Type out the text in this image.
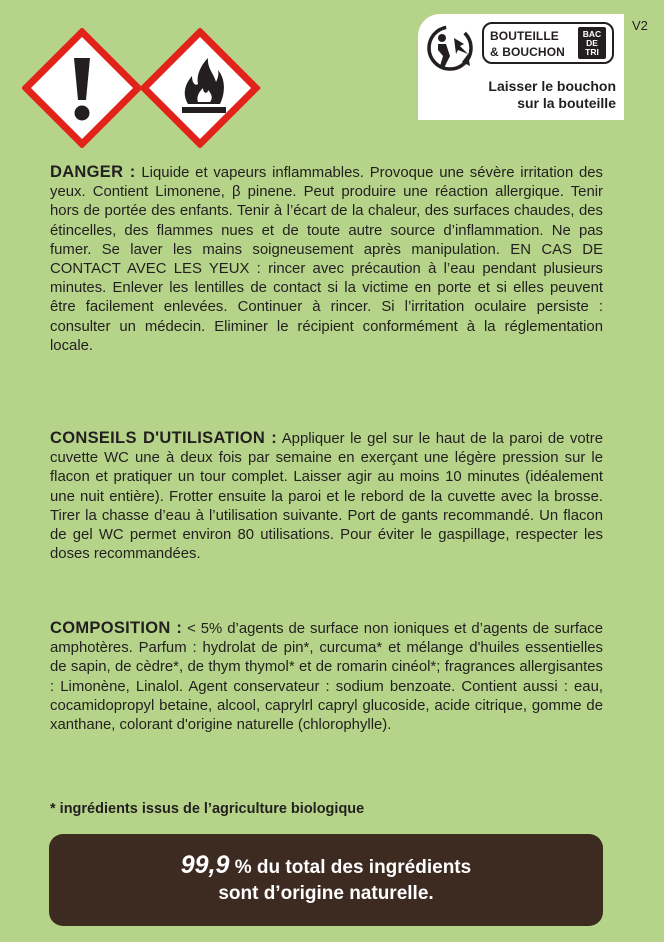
BOUTEILLE
& BOUCHON
BAC
DE
TRI
Laisser le bouchon
sur la bouteille
V2
DANGER : Liquide et vapeurs inflammables. Provoque une sévère irritation des yeux. Contient Limonene, β pinene. Peut produire une réaction allergique. Tenir hors de portée des enfants. Tenir à l’écart de la chaleur, des surfaces chaudes, des étincelles, des flammes nues et de toute autre source d’inflammation. Ne pas fumer. Se laver les mains soigneusement après manipulation. EN CAS DE CONTACT AVEC LES YEUX : rincer avec précaution à l’eau pendant plusieurs minutes. Enlever les lentilles de contact si la victime en porte et si elles peuvent être facilement enlevées. Continuer à rincer. Si l’irritation oculaire persiste : consulter un médecin. Eliminer le récipient conformément à la réglementation locale.
CONSEILS D'UTILISATION : Appliquer le gel sur le haut de la paroi de votre cuvette WC une à deux fois par semaine en exerçant une légère pression sur le flacon et pratiquer un tour complet. Laisser agir au moins 10 minutes (idéalement une nuit entière). Frotter ensuite la paroi et le rebord de la cuvette avec la brosse. Tirer la chasse d’eau à l’utilisation suivante. Port de gants recommandé. Un flacon de gel WC permet environ 80 utilisations. Pour éviter le gaspillage, respecter les doses recommandées.
COMPOSITION : < 5% d’agents de surface non ioniques et d’agents de surface amphotères. Parfum : hydrolat de pin*, curcuma* et mélange d'huiles essentielles de sapin, de cèdre*, de thym thymol* et de romarin cinéol*; fragrances allergisantes : Limonène, Linalol. Agent conservateur : sodium benzoate. Contient aussi : eau, cocamidopropyl betaine, alcool, caprylrl capryl glucoside, acide citrique, gomme de xanthane, colorant d'origine naturelle (chlorophylle).
* ingrédients issus de l’agriculture biologique
99,9 % du total des ingrédients
sont d’origine naturelle.
